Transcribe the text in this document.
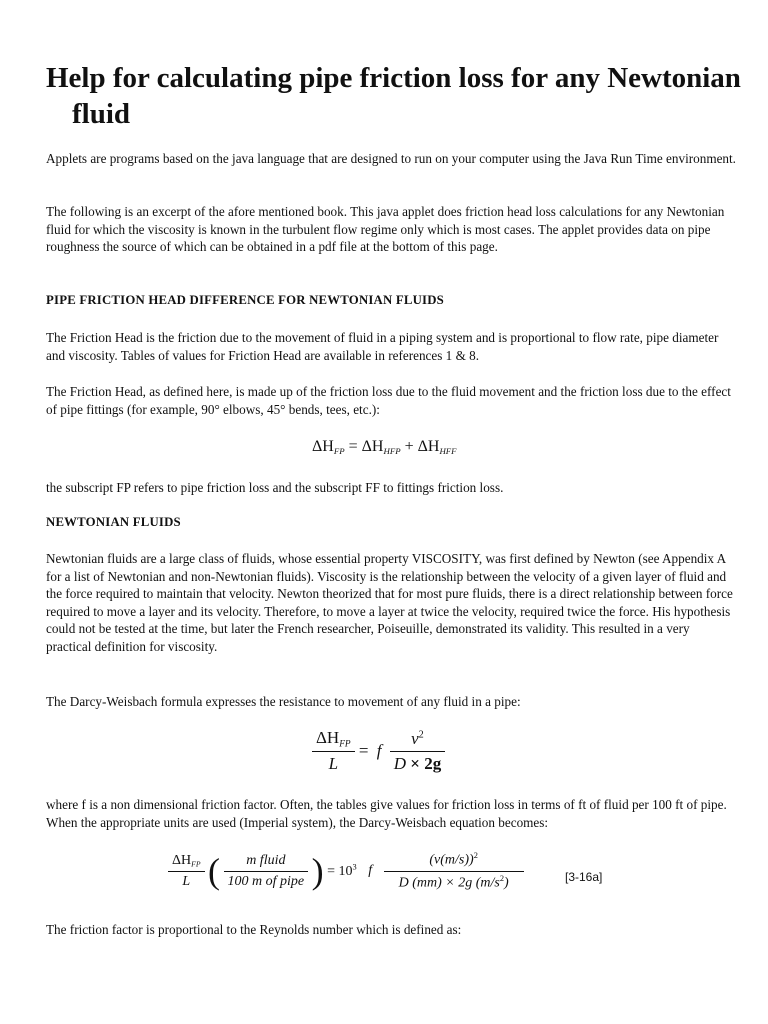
Help for calculating pipe friction loss for any Newtonian fluid

Applets are programs based on the java language that are designed to run on your computer using the Java Run Time environment.

The following is an excerpt of the afore mentioned book. This java applet does friction head loss calculations for any Newtonian fluid for which the viscosity is known in the turbulent flow regime only which is most cases. The applet provides data on pipe roughness the source of which can be obtained in a pdf file at the bottom of this page.

PIPE FRICTION HEAD DIFFERENCE FOR NEWTONIAN FLUIDS

The Friction Head is the friction due to the movement of fluid in a piping system and is proportional to flow rate, pipe diameter and viscosity. Tables of values for Friction Head are available in references 1 & 8.

The Friction Head, as defined here, is made up of the friction loss due to the fluid movement and the friction loss due to the effect of pipe fittings (for example, 90° elbows, 45° bends, tees, etc.):

$\Delta H_{FP} = \Delta H_{HFP} + \Delta H_{HFF}$

the subscript FP refers to pipe friction loss and the subscript FF to fittings friction loss.

NEWTONIAN FLUIDS

Newtonian fluids are a large class of fluids, whose essential property VISCOSITY, was first defined by Newton (see Appendix A for a list of Newtonian and non-Newtonian fluids). Viscosity is the relationship between the velocity of a given layer of fluid and the force required to maintain that velocity. Newton theorized that for most pure fluids, there is a direct relationship between force required to move a layer and its velocity. Therefore, to move a layer at twice the velocity, required twice the force. His hypothesis could not be tested at the time, but later the French researcher, Poiseuille, demonstrated its validity. This resulted in a very practical definition for viscosity.

The Darcy-Weisbach formula expresses the resistance to movement of any fluid in a pipe:

$\frac{\Delta H_{FP}}{L} = f \frac{v^2}{D \times 2g}$

where f is a non dimensional friction factor. Often, the tables give values for friction loss in terms of ft of fluid per 100 ft of pipe. When the appropriate units are used (Imperial system), the Darcy-Weisbach equation becomes:

$\frac{\Delta H_{FP}}{L}$ ( $\frac{\text{m fluid}}{\text{100 m of pipe}}$ ) = $10^3$ f $\frac{(v(m/s))^2}{D (mm) \times 2g (m/s^2)}$	[3-16a]

The friction factor is proportional to the Reynolds number which is defined as:
